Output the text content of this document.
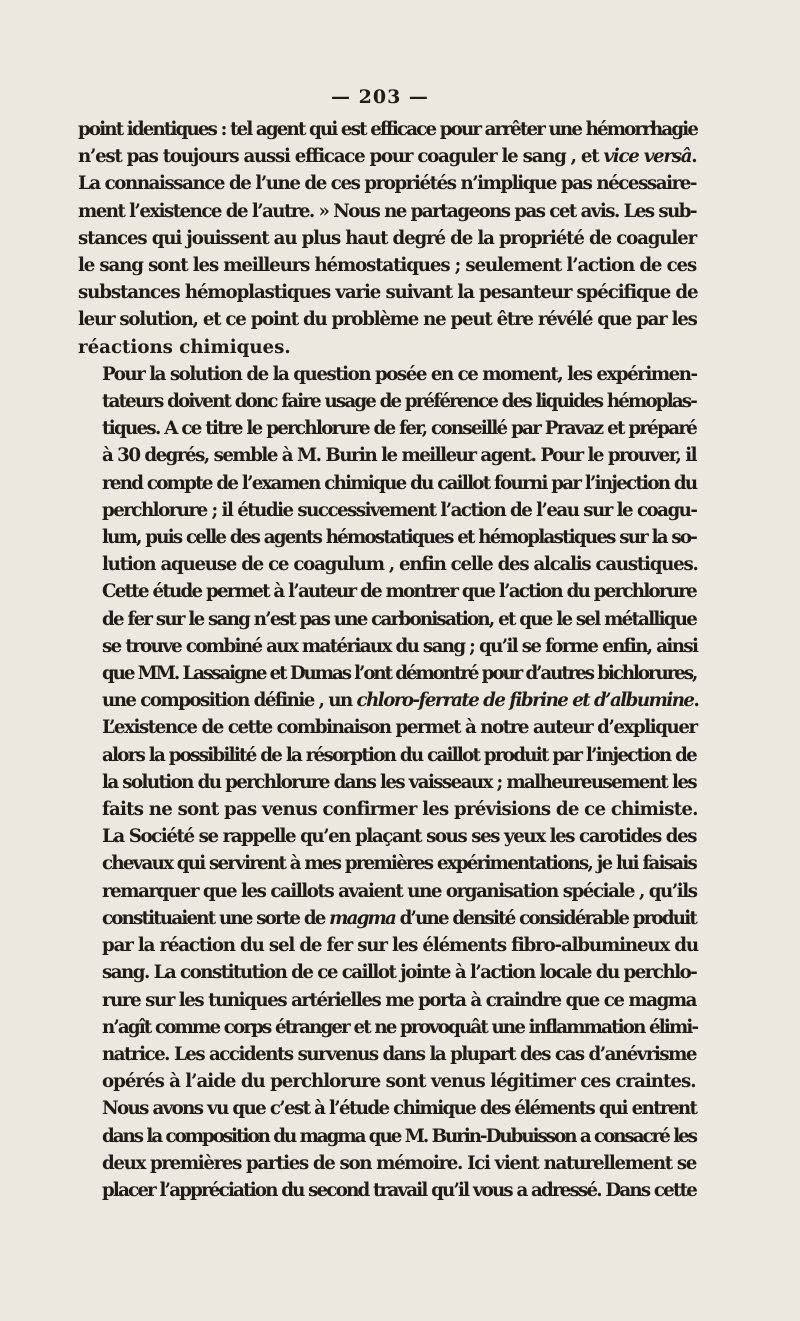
— 203 —

point identiques : tel agent qui est efficace pour arrêter une hémorrhagie
n’est pas toujours aussi efficace pour coaguler le sang , et vice versâ.
La connaissance de l’une de ces propriétés n’implique pas nécessaire-
ment l’existence de l’autre. » Nous ne partageons pas cet avis. Les sub-
stances qui jouissent au plus haut degré de la propriété de coaguler
le sang sont les meilleurs hémostatiques ; seulement l’action de ces
substances hémoplastiques varie suivant la pesanteur spécifique de
leur solution, et ce point du problème ne peut être révélé que par les
réactions chimiques.

Pour la solution de la question posée en ce moment, les expérimen-
tateurs doivent donc faire usage de préférence des liquides hémoplas-
tiques. A ce titre le perchlorure de fer, conseillé par Pravaz et préparé
à 30 degrés, semble à M. Burin le meilleur agent. Pour le prouver, il
rend compte de l’examen chimique du caillot fourni par l’injection du
perchlorure ; il étudie successivement l’action de l’eau sur le coagu-
lum, puis celle des agents hémostatiques et hémoplastiques sur la so-
lution aqueuse de ce coagulum , enfin celle des alcalis caustiques.
Cette étude permet à l’auteur de montrer que l’action du perchlorure
de fer sur le sang n’est pas une carbonisation, et que le sel métallique
se trouve combiné aux matériaux du sang ; qu’il se forme enfin, ainsi
que MM. Lassaigne et Dumas l’ont démontré pour d’autres bichlorures,
une composition définie , un chloro-ferrate de fibrine et d’albumine.
L’existence de cette combinaison permet à notre auteur d’expliquer
alors la possibilité de la résorption du caillot produit par l’injection de
la solution du perchlorure dans les vaisseaux ; malheureusement les
faits ne sont pas venus confirmer les prévisions de ce chimiste.

La Société se rappelle qu’en plaçant sous ses yeux les carotides des
chevaux qui servirent à mes premières expérimentations, je lui faisais
remarquer que les caillots avaient une organisation spéciale , qu’ils
constituaient une sorte de magma d’une densité considérable produit
par la réaction du sel de fer sur les éléments fibro-albumineux du
sang. La constitution de ce caillot jointe à l’action locale du perchlo-
rure sur les tuniques artérielles me porta à craindre que ce magma
n’agît comme corps étranger et ne provoquât une inflammation élimi-
natrice. Les accidents survenus dans la plupart des cas d’anévrisme
opérés à l’aide du perchlorure sont venus légitimer ces craintes.

Nous avons vu que c’est à l’étude chimique des éléments qui entrent
dans la composition du magma que M. Burin-Dubuisson a consacré les
deux premières parties de son mémoire. Ici vient naturellement se
placer l’appréciation du second travail qu’il vous a adressé. Dans cette
